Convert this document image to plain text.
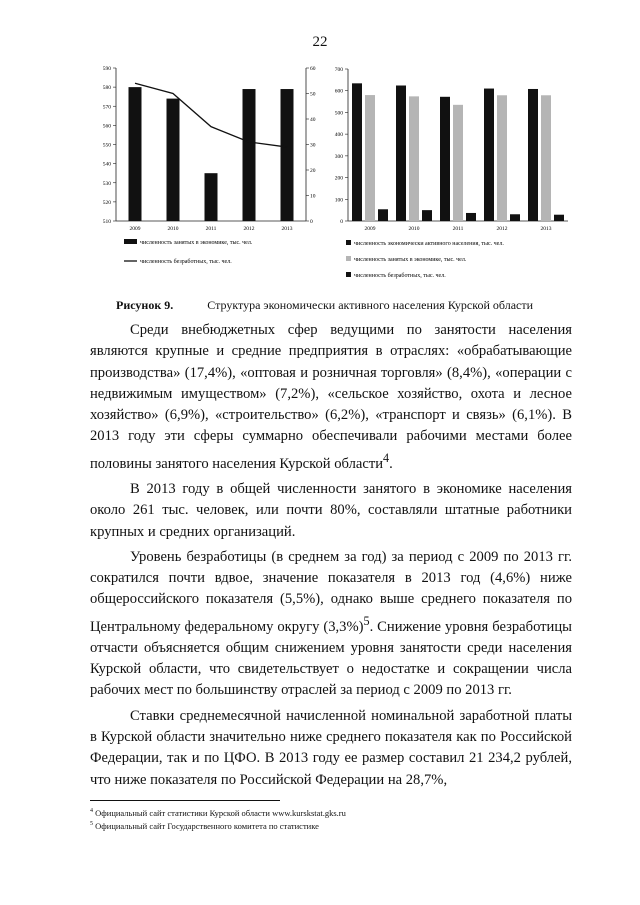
22
510
520
530
540
550
560
570
580
590
0
10
20
30
40
50
60
2009	2010	2011	2012	2013
численность занятых в экономике, тыс. чел.
численность безработных, тыс. чел.
0
100
200
300
400
500
600
700
2009	2010	2011	2012	2013
численность экономически активного населения, тыс. чел.
численность занятых в экономике, тыс. чел.
численность безработных, тыс. чел.
Рисунок 9.	Структура экономически активного населения Курской области

Среди внебюджетных сфер ведущими по занятости населения являются крупные и средние предприятия в отраслях: «обрабатывающие производства» (17,4%), «оптовая и розничная торговля» (8,4%), «операции с недвижимым имуществом» (7,2%), «сельское хозяйство, охота и лесное хозяйство» (6,9%), «строительство» (6,2%), «транспорт и связь» (6,1%). В 2013 году эти сферы суммарно обеспечивали рабочими местами более половины занятого населения Курской области$^4$.

В 2013 году в общей численности занятого в экономике населения около 261 тыс. человек, или почти 80%, составляли штатные работники крупных и средних организаций.

Уровень безработицы (в среднем за год) за период с 2009 по 2013 гг. сократился почти вдвое, значение показателя в 2013 год (4,6%) ниже общероссийского показателя (5,5%), однако выше среднего показателя по Центральному федеральному округу $(3,3\%)^5$. Снижение уровня безработицы отчасти объясняется общим снижением уровня занятости среди населения Курской области, что свидетельствует о недостатке и сокращении числа рабочих мест по большинству отраслей за период с 2009 по 2013 гг.

Ставки среднемесячной начисленной номинальной заработной платы в Курской области значительно ниже среднего показателя как по Российской Федерации, так и по ЦФО. В 2013 году ее размер составил 21 234,2 рублей, что ниже показателя по Российской Федерации на 28,7%,

$^4$ Официальный сайт статистики Курской области www.kurskstat.gks.ru
$^5$ Официальный сайт Государственного комитета по статистике
